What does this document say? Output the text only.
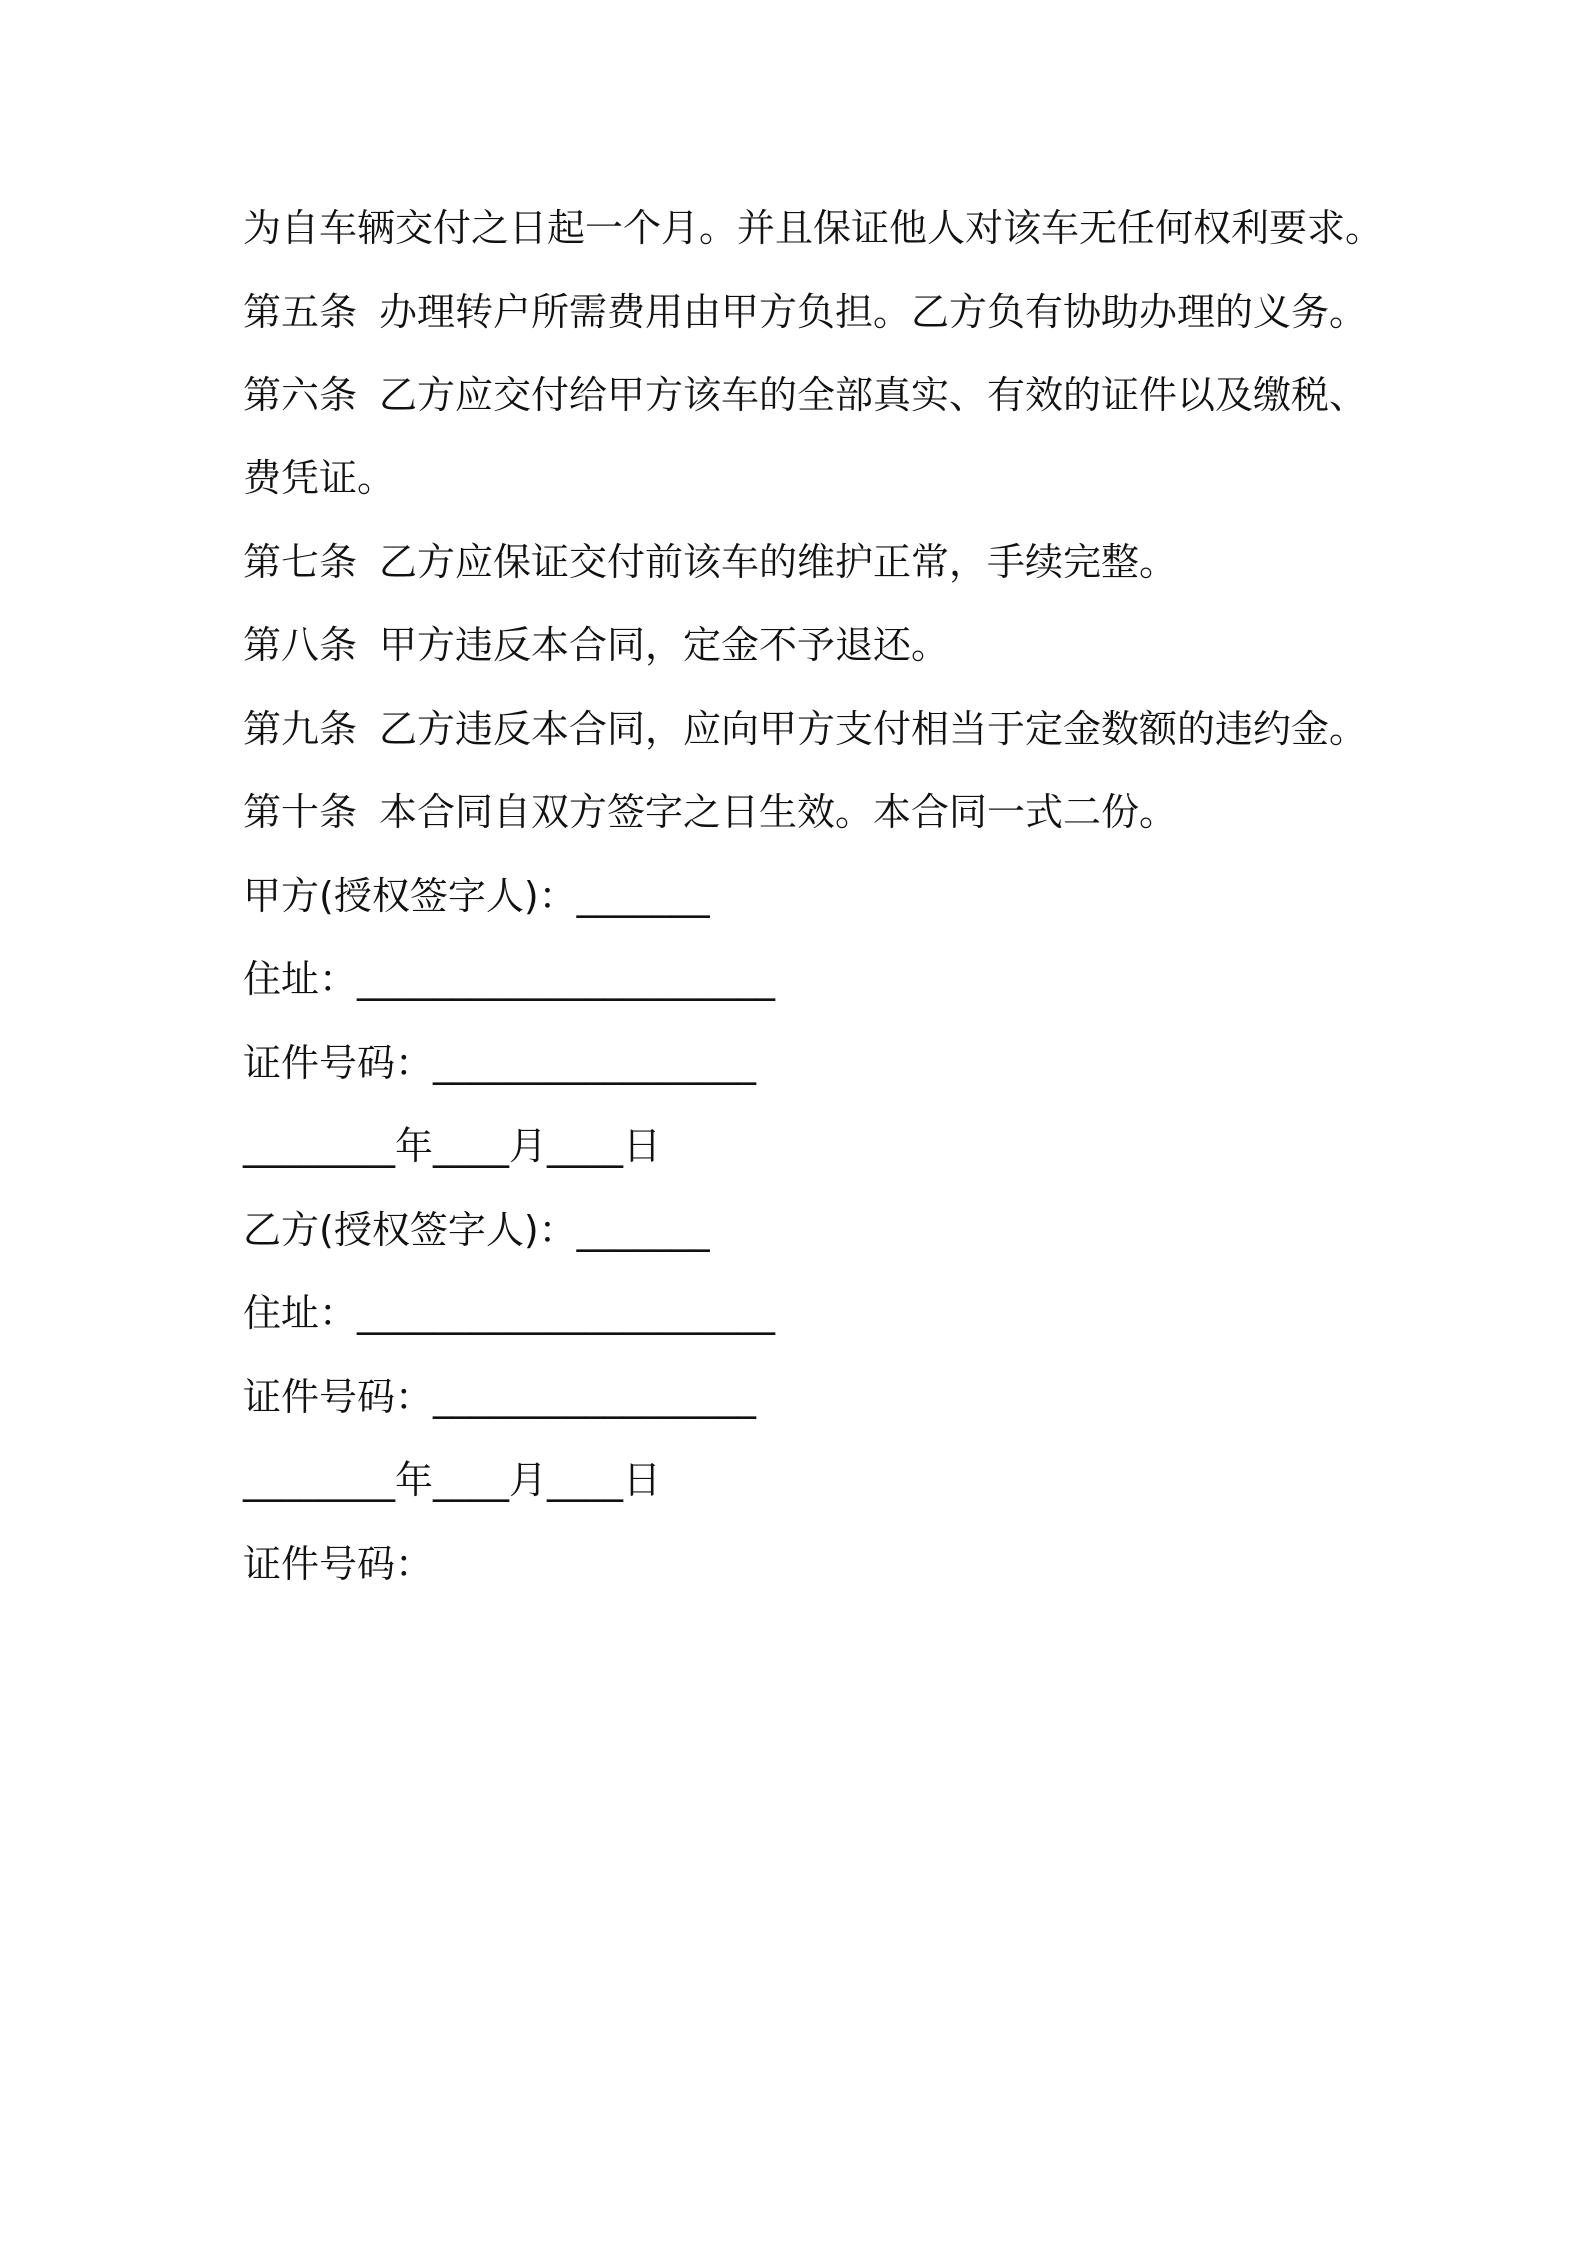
为自车辆交付之日起一个月。并且保证他人对该车无任何权利要求。
第五条 办理转户所需费用由甲方负担。乙方负有协助办理的义务。
第六条 乙方应交付给甲方该车的全部真实、有效的证件以及缴税、
费凭证。
第七条 乙方应保证交付前该车的维护正常，手续完整。
第八条 甲方违反本合同，定金不予退还。
第九条 乙方违反本合同，应向甲方支付相当于定金数额的违约金。
第十条 本合同自双方签字之日生效。本合同一式二份。
甲方(授权签字人)：_______
住址：______________________
证件号码：_________________
________年____月____日
乙方(授权签字人)：_______
住址：______________________
证件号码：_________________
________年____月____日
证件号码：
